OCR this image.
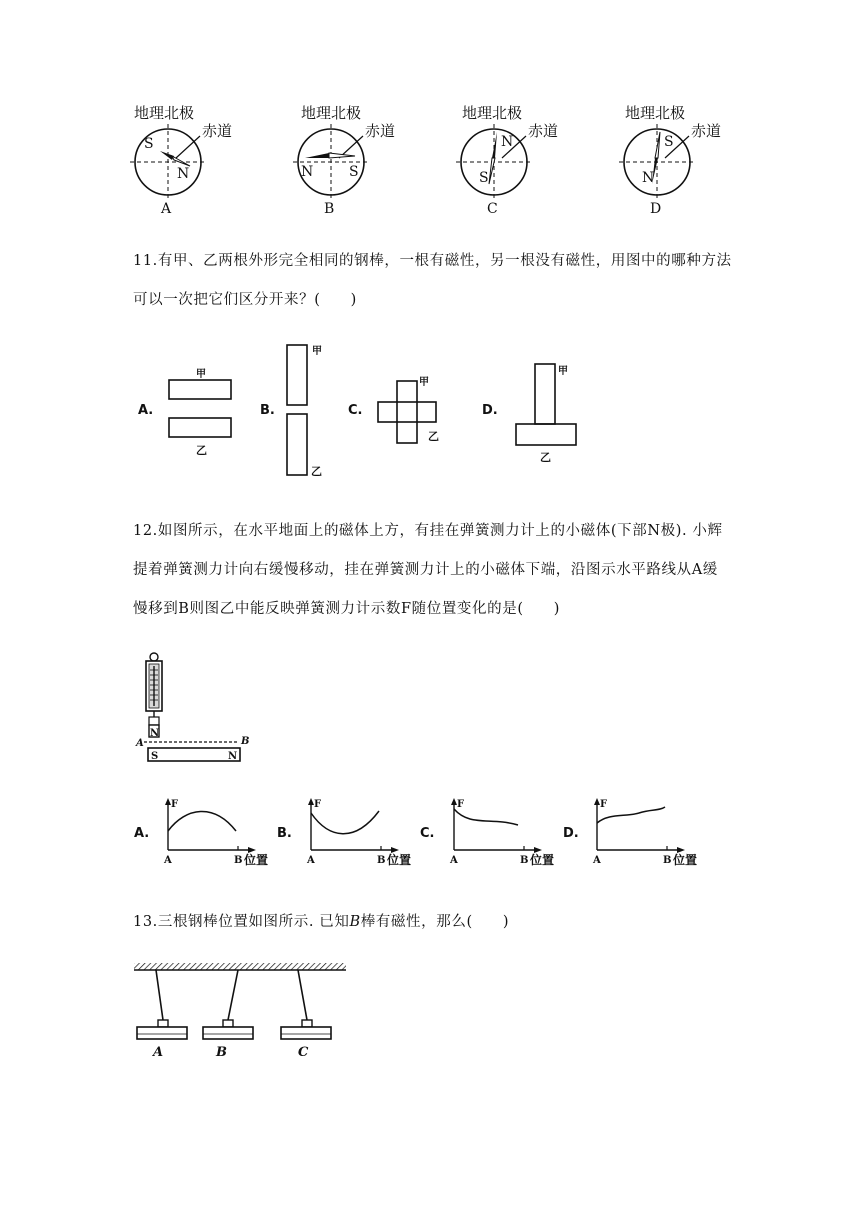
地理北极
S
N
赤道
A
地理北极
N	S
赤道
B
地理北极
N
S
赤道
C
地理北极
S
N
赤道
D
11.有甲、乙两根外形完全相同的钢棒，一根有磁性，另一根没有磁性，用图中的哪种方法
可以一次把它们区分开来？(　　)
A.
甲
乙
B.
甲
乙
C.
甲
乙
D.
甲
乙
12.如图所示，在水平地面上的磁体上方，有挂在弹簧测力计上的小磁体(下部N极). 小辉
提着弹簧测力计向右缓慢移动，挂在弹簧测力计上的小磁体下端，沿图示水平路线从A缓
慢移到B则图乙中能反映弹簧测力计示数F随位置变化的是(　　)
N
A	B
S	N
A.
F
A	B 位置
B.
F
A	B 位置
C.
F
A	B 位置
D.
F
A	B 位置
13.三根钢棒位置如图所示. 已知B棒有磁性，那么(　　)
A	B	C
